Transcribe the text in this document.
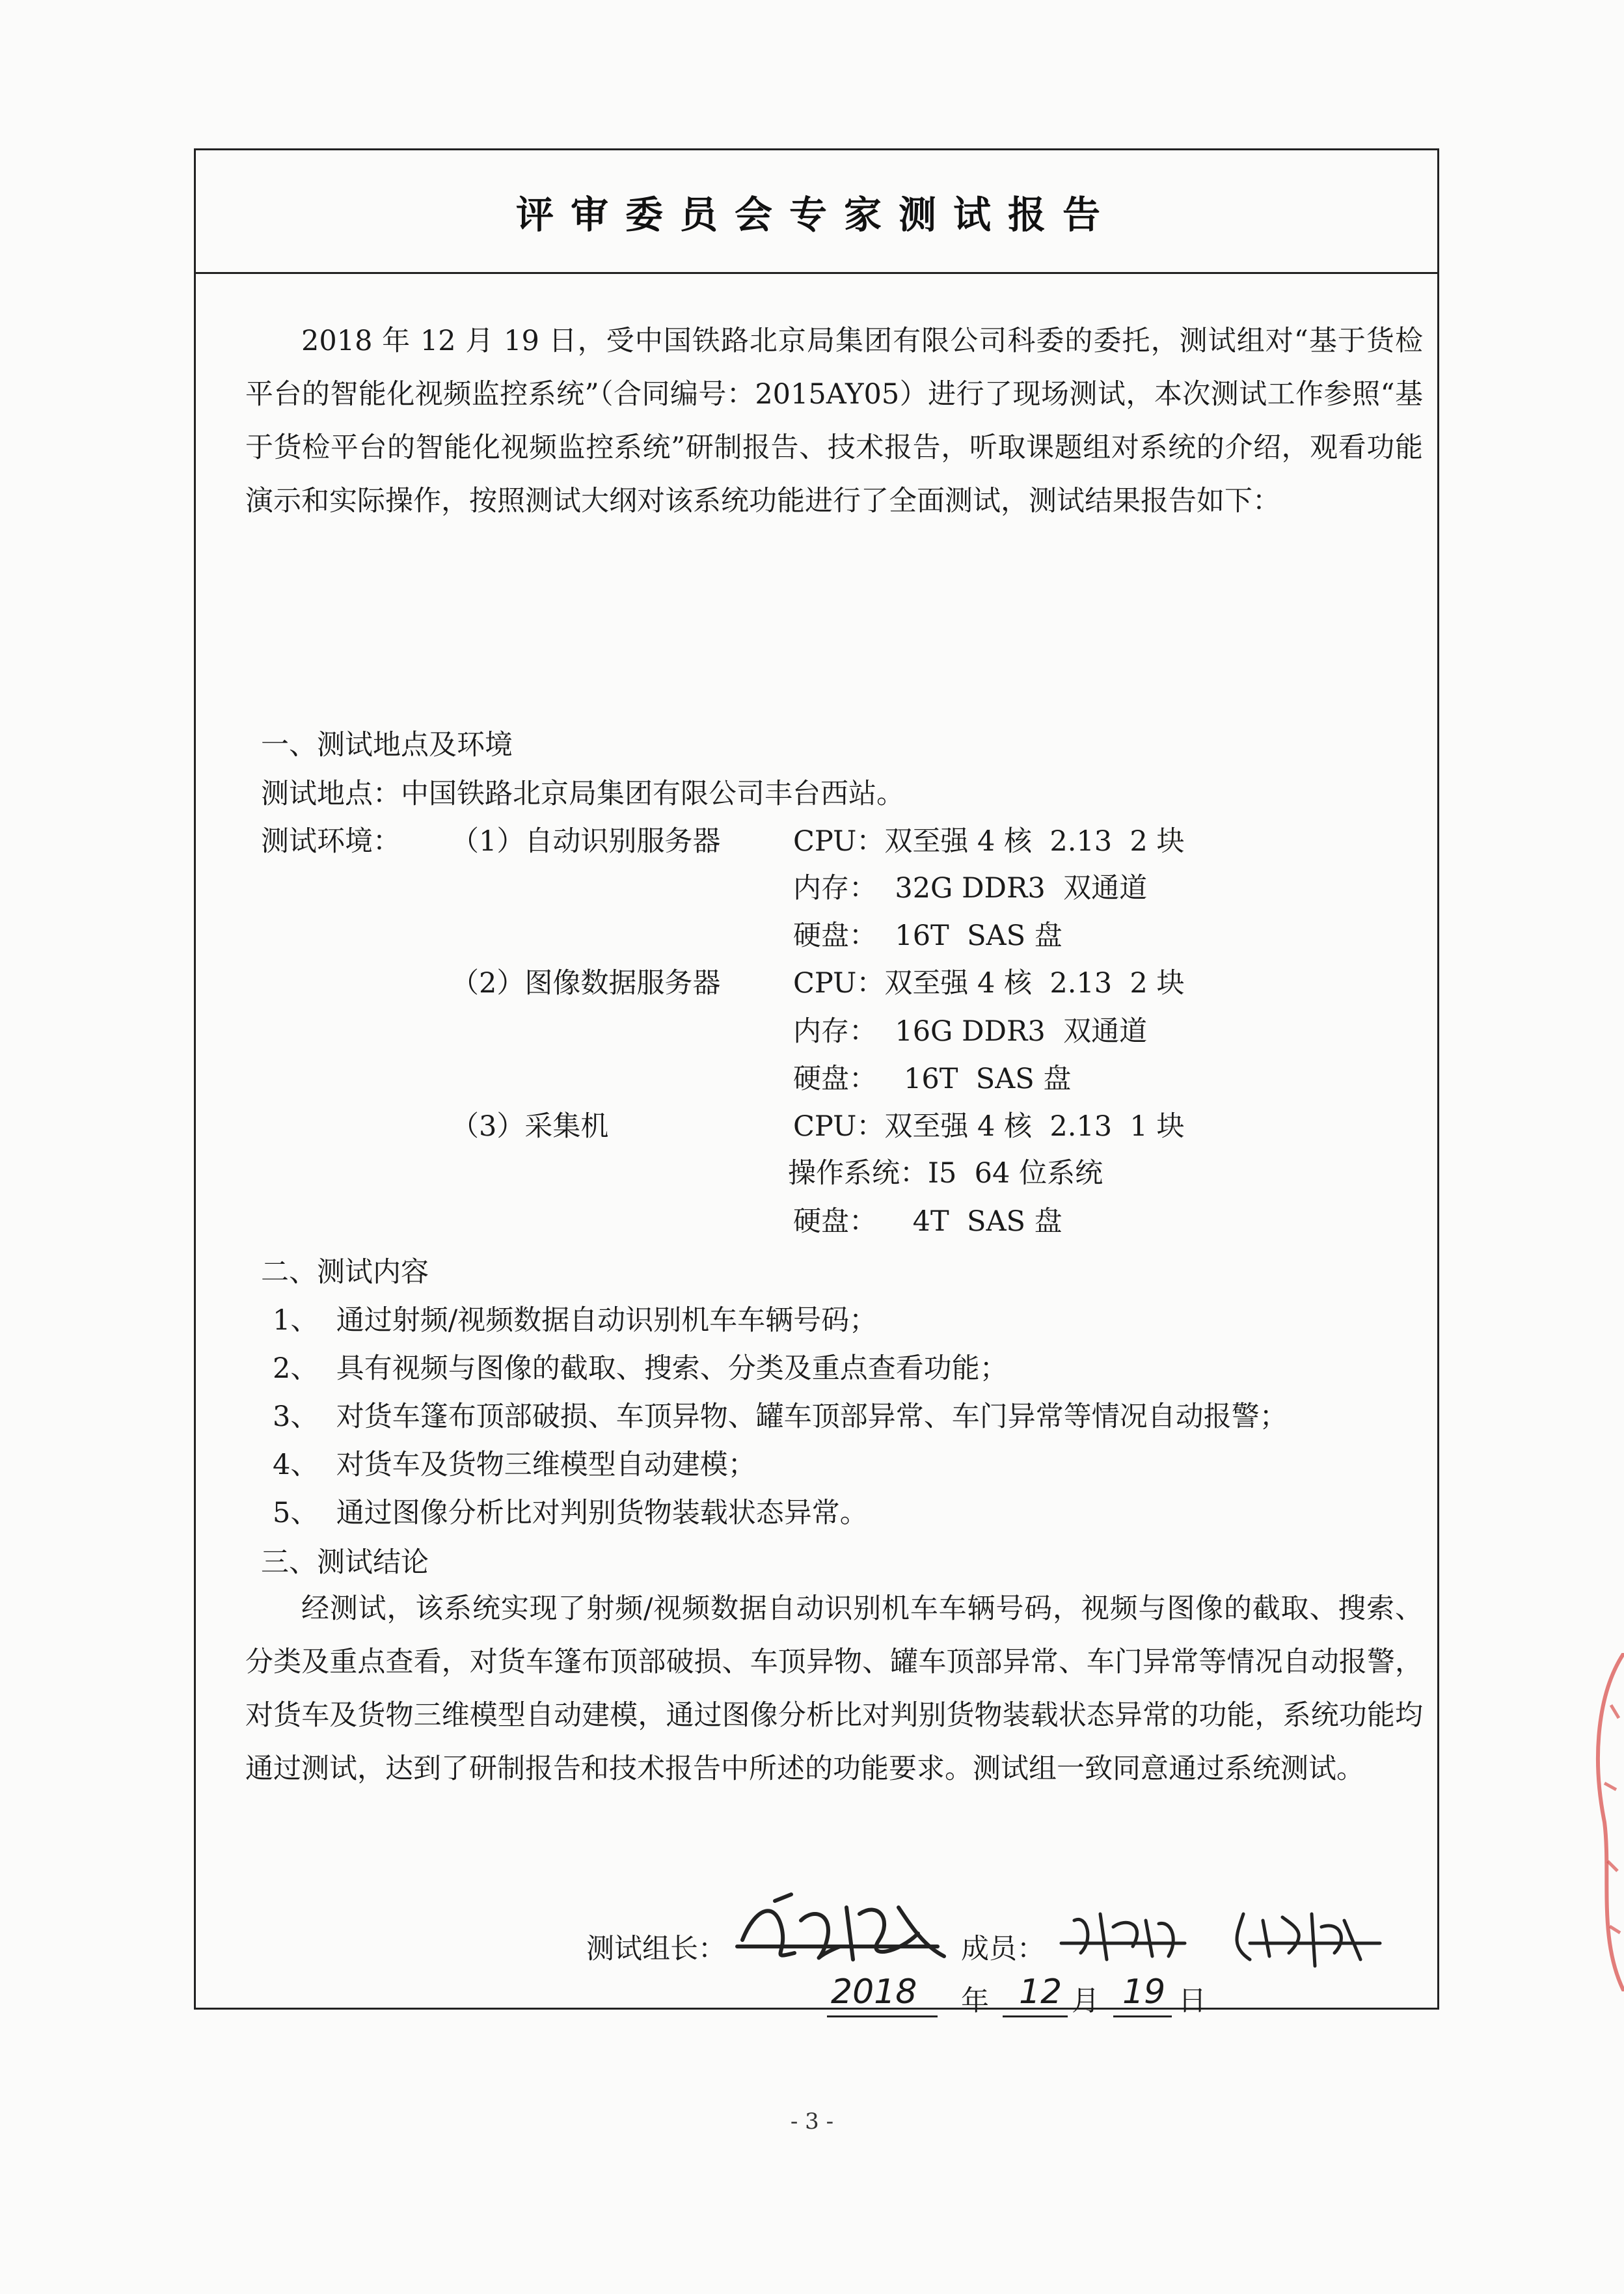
评审委员会专家测试报告
2018 年 12 月 19 日，受中国铁路北京局集团有限公司科委的委托，测试组对“基于货检平台的智能化视频监控系统”（合同编号：2015AY05）进行了现场测试，本次测试工作参照“基于货检平台的智能化视频监控系统”研制报告、技术报告，听取课题组对系统的介绍，观看功能演示和实际操作，按照测试大纲对该系统功能进行了全面测试，测试结果报告如下：
一、测试地点及环境
测试地点：中国铁路北京局集团有限公司丰台西站。
测试环境： （1）自动识别服务器	CPU：双至强 4 核  2.13  2 块
内存：  32G DDR3  双通道
硬盘：  16T  SAS 盘
（2）图像数据服务器	CPU：双至强 4 核  2.13  2 块
内存：  16G DDR3  双通道
硬盘：   16T  SAS 盘
（3）采集机	CPU：双至强 4 核  2.13  1 块
操作系统：I5  64 位系统
硬盘：    4T  SAS 盘
二、测试内容
1、  通过射频/视频数据自动识别机车车辆号码；
2、  具有视频与图像的截取、搜索、分类及重点查看功能；
3、  对货车篷布顶部破损、车顶异物、罐车顶部异常、车门异常等情况自动报警；
4、  对货车及货物三维模型自动建模；
5、  通过图像分析比对判别货物装载状态异常。
三、测试结论
经测试，该系统实现了射频/视频数据自动识别机车车辆号码，视频与图像的截取、搜索、分类及重点查看，对货车篷布顶部破损、车顶异物、罐车顶部异常、车门异常等情况自动报警，对货车及货物三维模型自动建模，通过图像分析比对判别货物装载状态异常的功能，系统功能均通过测试，达到了研制报告和技术报告中所述的功能要求。测试组一致同意通过系统测试。
测试组长：	成员：
2018 年 12 月 19 日
- 3 -
